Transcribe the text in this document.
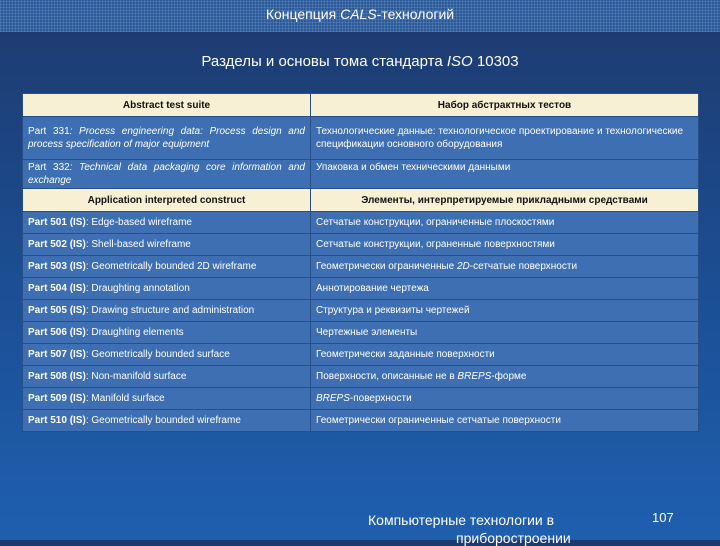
Концепция CALS-технологий
Разделы и основы тома стандарта ISO 10303
Abstract test suite	Набор абстрактных тестов
Part 331: Process engineering data: Process design and process specification of major equipment	Технологические данные: технологическое проектирование и технологические спецификации основного оборудования
Part 332: Technical data packaging core information and exchange	Упаковка и обмен техническими данными
Application interpreted construct	Элементы, интерпретируемые прикладными средствами
Part 501 (IS): Edge-based wireframe	Сетчатые конструкции, ограниченные плоскостями
Part 502 (IS): Shell-based wireframe	Сетчатые конструкции, ограненные поверхностями
Part 503 (IS): Geometrically bounded 2D wireframe	Геометрически ограниченные 2D-сетчатые поверхности
Part 504 (IS): Draughting annotation	Аннотирование чертежа
Part 505 (IS): Drawing structure and administration	Структура и реквизиты чертежей
Part 506 (IS): Draughting elements	Чертежные элементы
Part 507 (IS): Geometrically bounded surface	Геометрически заданные поверхности
Part 508 (IS): Non-manifold surface	Поверхности, описанные не в BREPS-форме
Part 509 (IS): Manifold surface	BREPS-поверхности
Part 510 (IS): Geometrically bounded wireframe	Геометрически ограниченные сетчатые поверхности
Компьютерные технологии в
приборостроении
107
